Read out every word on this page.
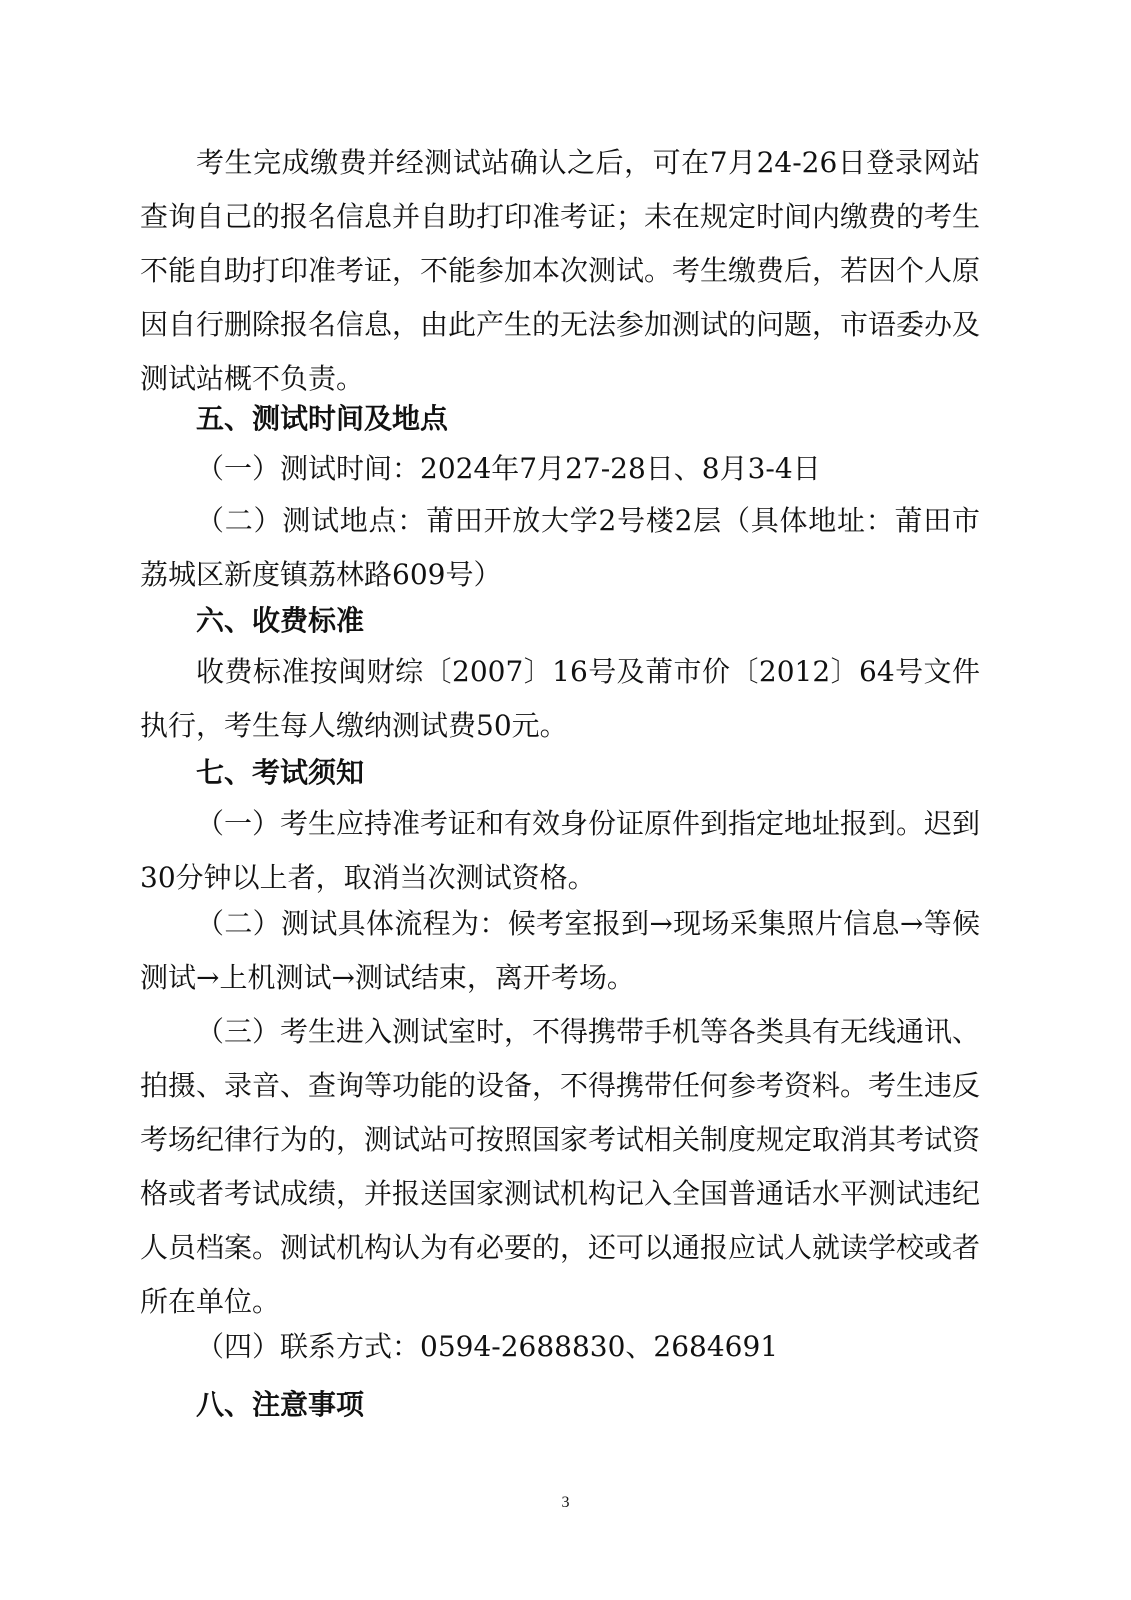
考生完成缴费并经测试站确认之后，可在7月24-26日登录网站查询自己的报名信息并自助打印准考证；未在规定时间内缴费的考生不能自助打印准考证，不能参加本次测试。考生缴费后，若因个人原因自行删除报名信息，由此产生的无法参加测试的问题，市语委办及测试站概不负责。

五、测试时间及地点

（一）测试时间：2024年7月27-28日、8月3-4日

（二）测试地点：莆田开放大学2号楼2层（具体地址：莆田市荔城区新度镇荔林路609号）

六、收费标准

收费标准按闽财综〔2007〕16号及莆市价〔2012〕64号文件执行，考生每人缴纳测试费50元。

七、考试须知

（一）考生应持准考证和有效身份证原件到指定地址报到。迟到30分钟以上者，取消当次测试资格。

（二）测试具体流程为：候考室报到→现场采集照片信息→等候测试→上机测试→测试结束，离开考场。

（三）考生进入测试室时，不得携带手机等各类具有无线通讯、拍摄、录音、查询等功能的设备，不得携带任何参考资料。考生违反考场纪律行为的，测试站可按照国家考试相关制度规定取消其考试资格或者考试成绩，并报送国家测试机构记入全国普通话水平测试违纪人员档案。测试机构认为有必要的，还可以通报应试人就读学校或者所在单位。

（四）联系方式：0594-2688830、2684691

八、注意事项
3
